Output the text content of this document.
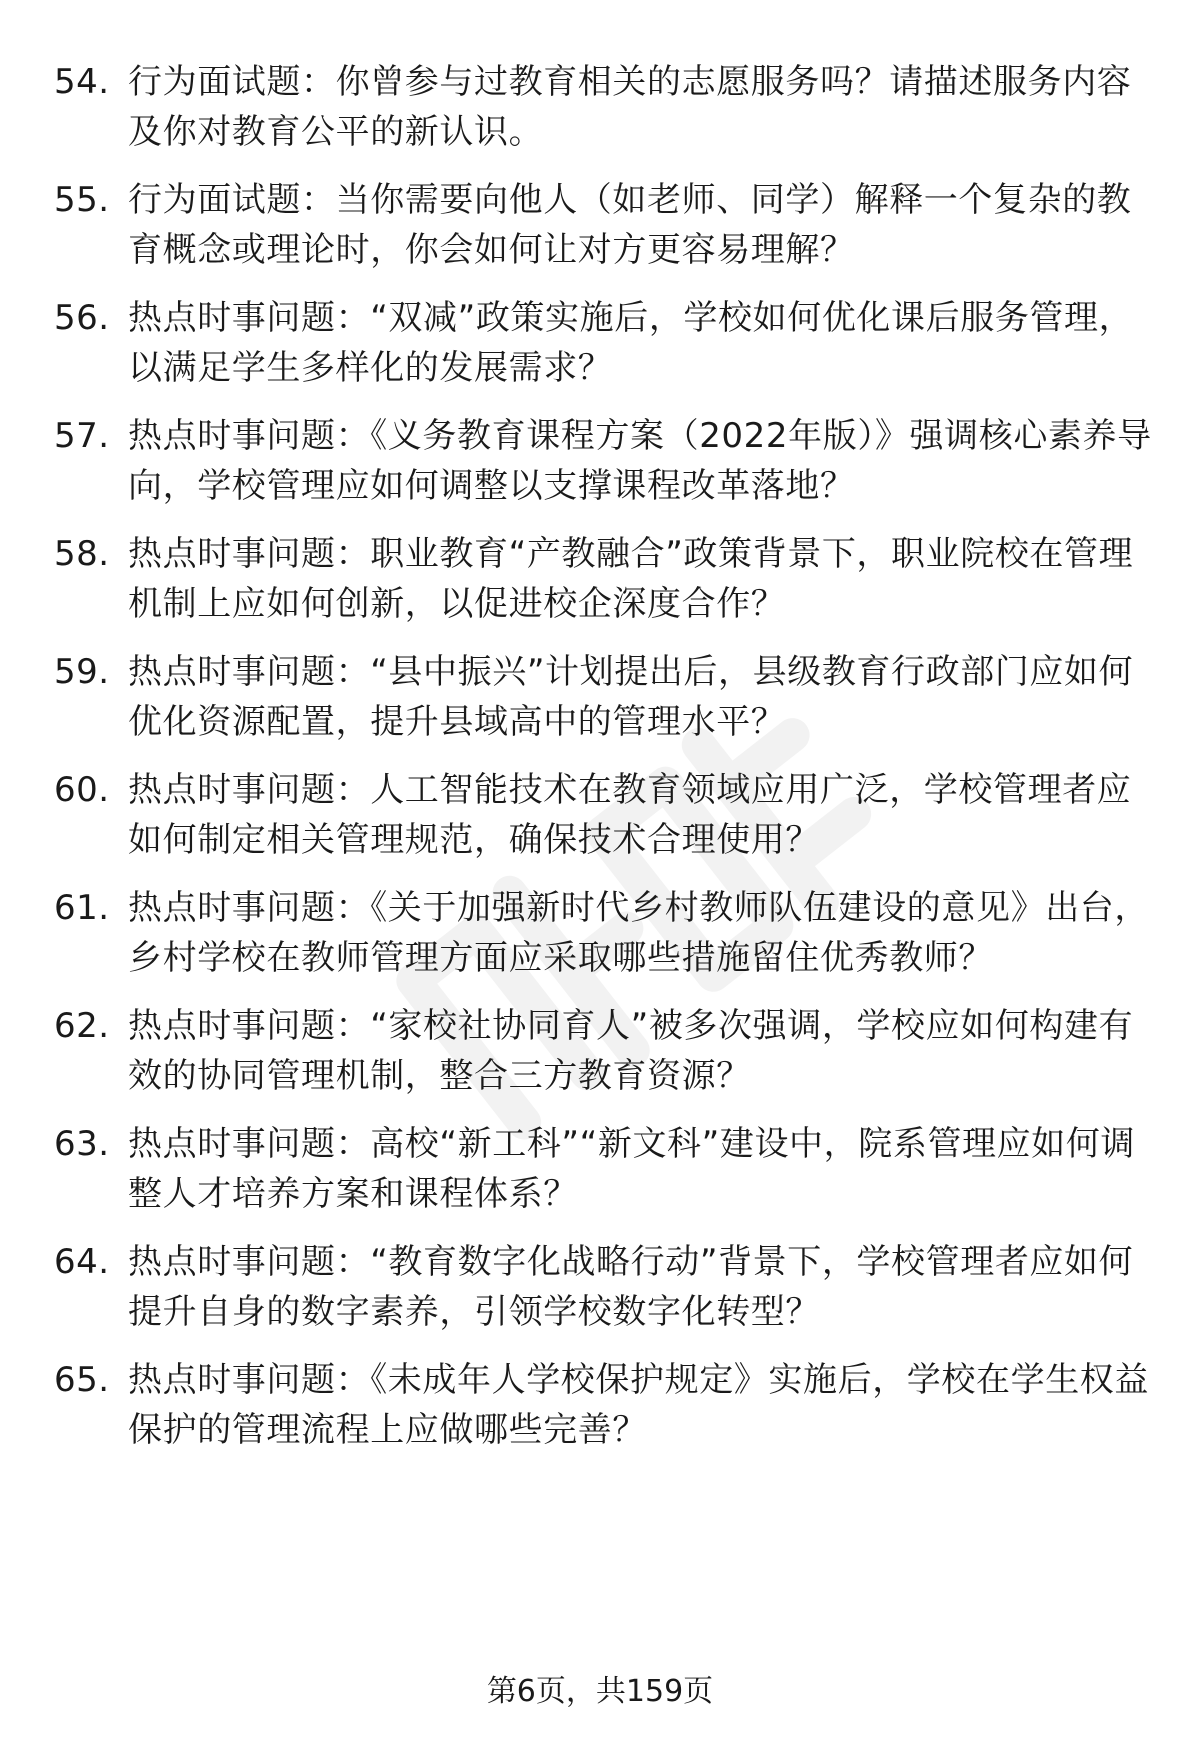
54. 行为面试题：你曾参与过教育相关的志愿服务吗？请描述服务内容及你对教育公平的新认识。
55. 行为面试题：当你需要向他人（如老师、同学）解释一个复杂的教育概念或理论时，你会如何让对方更容易理解？
56. 热点时事问题：“双减”政策实施后，学校如何优化课后服务管理，以满足学生多样化的发展需求？
57. 热点时事问题：《义务教育课程方案（2022年版）》强调核心素养导向，学校管理应如何调整以支撑课程改革落地？
58. 热点时事问题：职业教育“产教融合”政策背景下，职业院校在管理机制上应如何创新，以促进校企深度合作？
59. 热点时事问题：“县中振兴”计划提出后，县级教育行政部门应如何优化资源配置，提升县域高中的管理水平？
60. 热点时事问题：人工智能技术在教育领域应用广泛，学校管理者应如何制定相关管理规范，确保技术合理使用？
61. 热点时事问题：《关于加强新时代乡村教师队伍建设的意见》出台，乡村学校在教师管理方面应采取哪些措施留住优秀教师？
62. 热点时事问题：“家校社协同育人”被多次强调，学校应如何构建有效的协同管理机制，整合三方教育资源？
63. 热点时事问题：高校“新工科”“新文科”建设中，院系管理应如何调整人才培养方案和课程体系？
64. 热点时事问题：“教育数字化战略行动”背景下，学校管理者应如何提升自身的数字素养，引领学校数字化转型？
65. 热点时事问题：《未成年人学校保护规定》实施后，学校在学生权益保护的管理流程上应做哪些完善？
第6页，共159页
